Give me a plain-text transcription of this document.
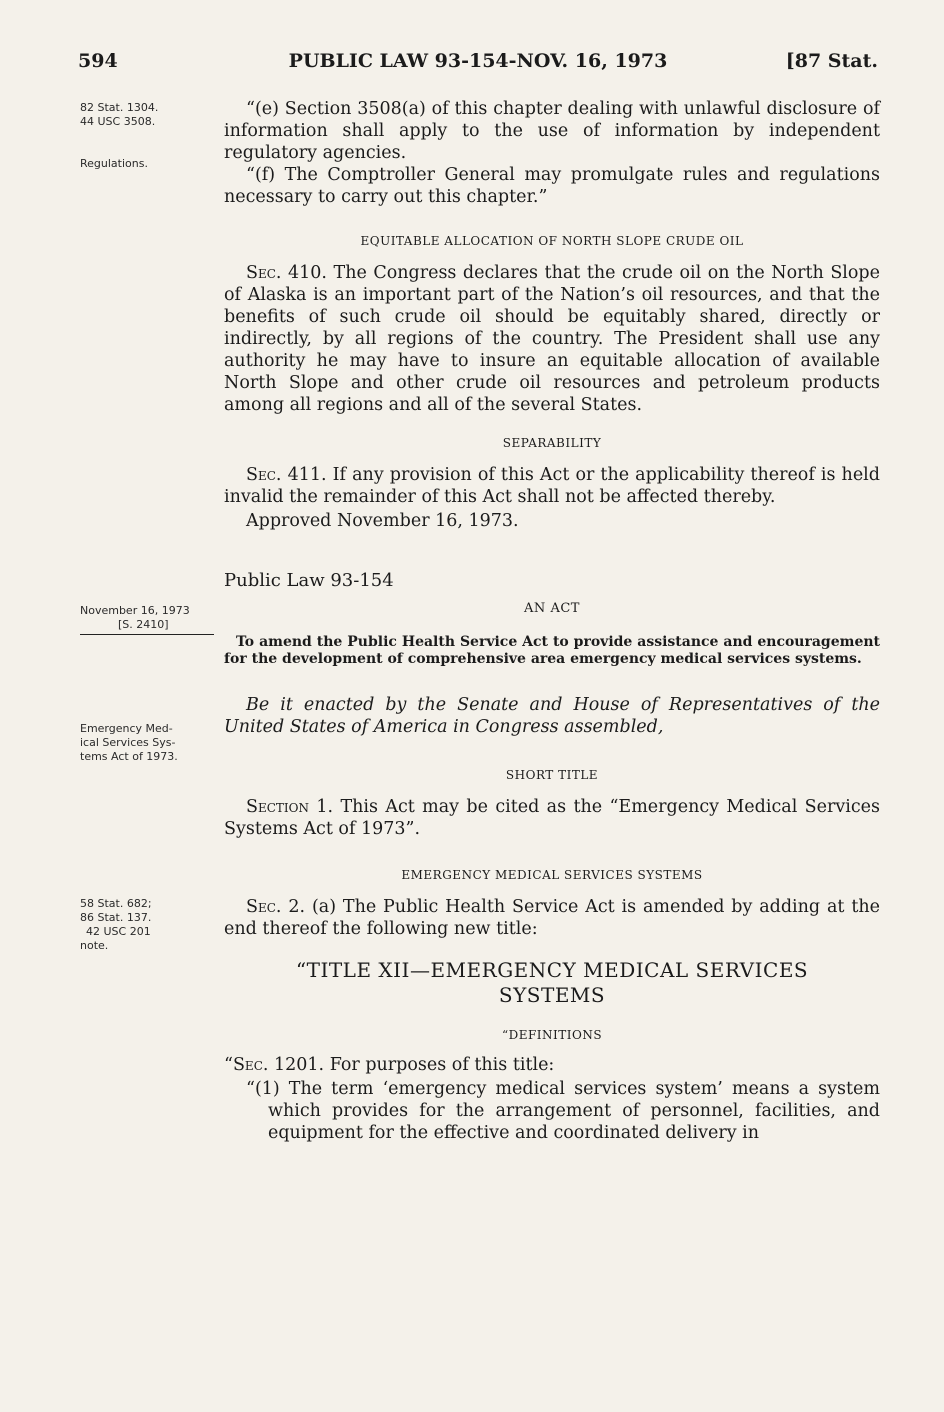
594	PUBLIC LAW 93-154-NOV. 16, 1973	[87 Stat.
82 Stat. 1304.
44 USC 3508.
Regulations.
November 16, 1973
[S. 2410]
Emergency Med-
ical Services Sys-
tems Act of 1973.
58 Stat. 682;
86 Stat. 137.
42 USC 201
note.

“(e) Section 3508(a) of this chapter dealing with unlawful disclosure of information shall apply to the use of information by independent regulatory agencies.

“(f) The Comptroller General may promulgate rules and regulations necessary to carry out this chapter.”

EQUITABLE ALLOCATION OF NORTH SLOPE CRUDE OIL

Sec. 410. The Congress declares that the crude oil on the North Slope of Alaska is an important part of the Nation’s oil resources, and that the benefits of such crude oil should be equitably shared, directly or indirectly, by all regions of the country. The President shall use any authority he may have to insure an equitable allocation of available North Slope and other crude oil resources and petroleum products among all regions and all of the several States.

SEPARABILITY

Sec. 411. If any provision of this Act or the applicability thereof is held invalid the remainder of this Act shall not be affected thereby.

Approved November 16, 1973.

Public Law 93-154
AN ACT

To amend the Public Health Service Act to provide assistance and encouragement for the development of comprehensive area emergency medical services systems.

Be it enacted by the Senate and House of Representatives of the United States of America in Congress assembled,

SHORT TITLE

Section 1. This Act may be cited as the “Emergency Medical Services Systems Act of 1973”.

EMERGENCY MEDICAL SERVICES SYSTEMS

Sec. 2. (a) The Public Health Service Act is amended by adding at the end thereof the following new title:

“TITLE XII—EMERGENCY MEDICAL SERVICES
SYSTEMS
“DEFINITIONS

“Sec. 1201. For purposes of this title:

“(1) The term ‘emergency medical services system’ means a system which provides for the arrangement of personnel, facilities, and equipment for the effective and coordinated delivery in
